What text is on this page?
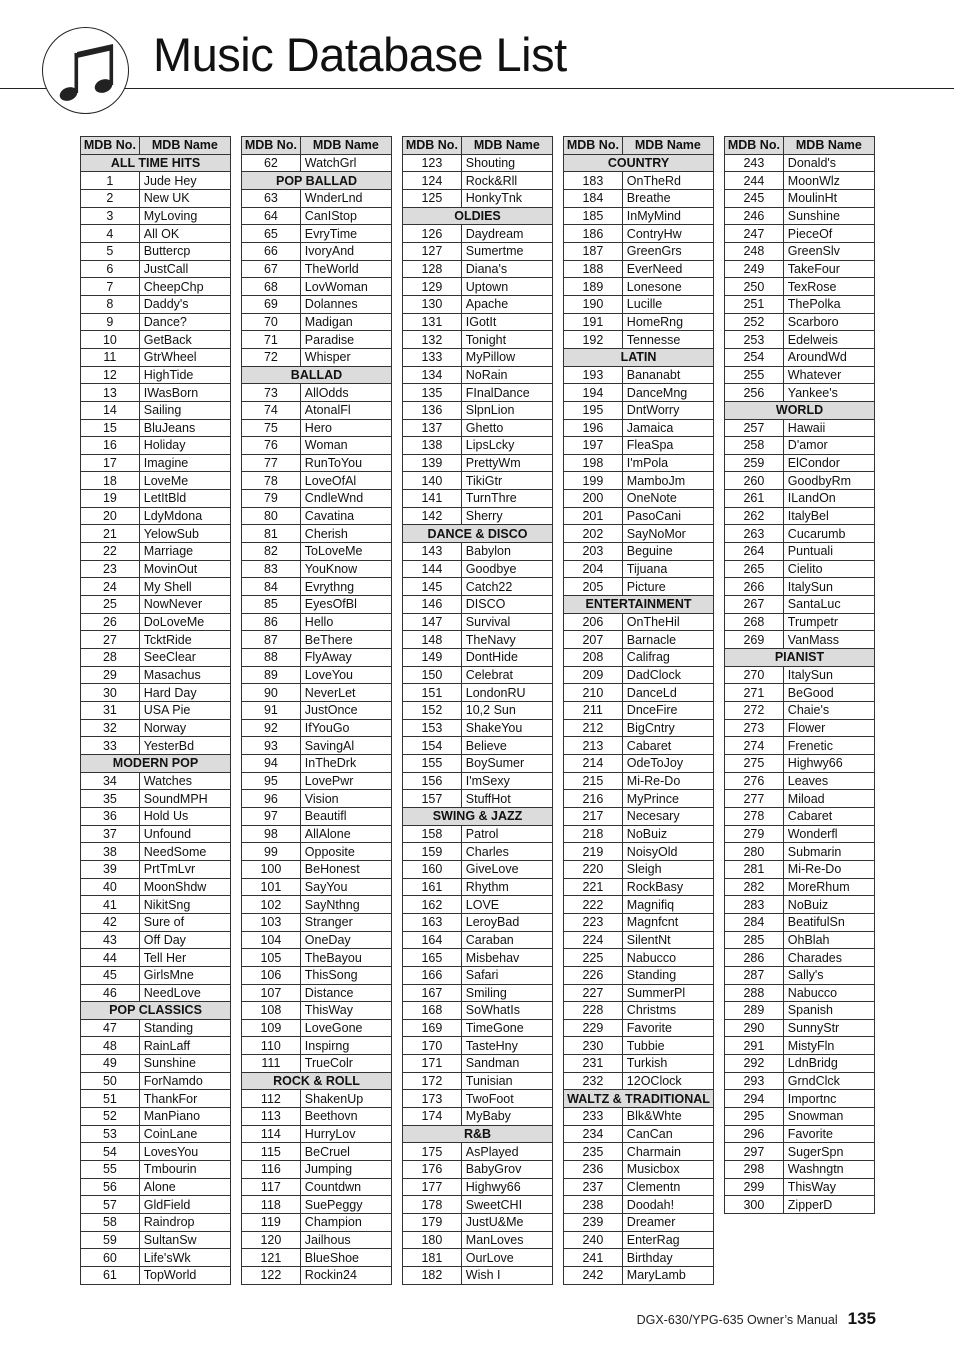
Music Database List
MDB No.	MDB Name
ALL TIME HITS	
1	Jude Hey
2	New UK
3	MyLoving
4	All OK
5	Buttercp
6	JustCall
7	CheepChp
8	Daddy's
9	Dance?
10	GetBack
11	GtrWheel
12	HighTide
13	IWasBorn
14	Sailing
15	BluJeans
16	Holiday
17	Imagine
18	LoveMe
19	LetItBld
20	LdyMdona
21	YelowSub
22	Marriage
23	MovinOut
24	My Shell
25	NowNever
26	DoLoveMe
27	TcktRide
28	SeeClear
29	Masachus
30	Hard Day
31	USA Pie
32	Norway
33	YesterBd
MODERN POP	
34	Watches
35	SoundMPH
36	Hold Us
37	Unfound
38	NeedSome
39	PrtTmLvr
40	MoonShdw
41	NikitSng
42	Sure of
43	Off Day
44	Tell Her
45	GirlsMne
46	NeedLove
POP CLASSICS	
47	Standing
48	RainLaff
49	Sunshine
50	ForNamdo
51	ThankFor
52	ManPiano
53	CoinLane
54	LovesYou
55	Tmbourin
56	Alone
57	GldField
58	Raindrop
59	SultanSw
60	Life'sWk
61	TopWorld
MDB No.	MDB Name
62	WatchGrl
POP BALLAD	
63	WnderLnd
64	CanIStop
65	EvryTime
66	IvoryAnd
67	TheWorld
68	LovWoman
69	Dolannes
70	Madigan
71	Paradise
72	Whisper
BALLAD	
73	AllOdds
74	AtonalFl
75	Hero
76	Woman
77	RunToYou
78	LoveOfAl
79	CndleWnd
80	Cavatina
81	Cherish
82	ToLoveMe
83	YouKnow
84	Evrythng
85	EyesOfBl
86	Hello
87	BeThere
88	FlyAway
89	LoveYou
90	NeverLet
91	JustOnce
92	IfYouGo
93	SavingAl
94	InTheDrk
95	LovePwr
96	Vision
97	Beautifl
98	AllAlone
99	Opposite
100	BeHonest
101	SayYou
102	SayNthng
103	Stranger
104	OneDay
105	TheBayou
106	ThisSong
107	Distance
108	ThisWay
109	LoveGone
110	Inspirng
111	TrueColr
ROCK & ROLL	
112	ShakenUp
113	Beethovn
114	HurryLov
115	BeCruel
116	Jumping
117	Countdwn
118	SuePeggy
119	Champion
120	Jailhous
121	BlueShoe
122	Rockin24
MDB No.	MDB Name
123	Shouting
124	Rock&Rll
125	HonkyTnk
OLDIES	
126	Daydream
127	Sumertme
128	Diana's
129	Uptown
130	Apache
131	IGotIt
132	Tonight
133	MyPillow
134	NoRain
135	FInalDance
136	SlpnLion
137	Ghetto
138	LipsLcky
139	PrettyWm
140	TikiGtr
141	TurnThre
142	Sherry
DANCE & DISCO	
143	Babylon
144	Goodbye
145	Catch22
146	DISCO
147	Survival
148	TheNavy
149	DontHide
150	Celebrat
151	LondonRU
152	10,2 Sun
153	ShakeYou
154	Believe
155	BoySumer
156	I'mSexy
157	StuffHot
SWING & JAZZ	
158	Patrol
159	Charles
160	GiveLove
161	Rhythm
162	LOVE
163	LeroyBad
164	Caraban
165	Misbehav
166	Safari
167	Smiling
168	SoWhatIs
169	TimeGone
170	TasteHny
171	Sandman
172	Tunisian
173	TwoFoot
174	MyBaby
R&B	
175	AsPlayed
176	BabyGrov
177	Highwy66
178	SweetCHI
179	JustU&Me
180	ManLoves
181	OurLove
182	Wish I
MDB No.	MDB Name
COUNTRY	
183	OnTheRd
184	Breathe
185	InMyMind
186	ContryHw
187	GreenGrs
188	EverNeed
189	Lonesone
190	Lucille
191	HomeRng
192	Tennesse
LATIN	
193	Bananabt
194	DanceMng
195	DntWorry
196	Jamaica
197	FleaSpa
198	I'mPola
199	MamboJm
200	OneNote
201	PasoCani
202	SayNoMor
203	Beguine
204	Tijuana
205	Picture
ENTERTAINMENT	
206	OnTheHil
207	Barnacle
208	Califrag
209	DadClock
210	DanceLd
211	DnceFire
212	BigCntry
213	Cabaret
214	OdeToJoy
215	Mi-Re-Do
216	MyPrince
217	Necesary
218	NoBuiz
219	NoisyOld
220	Sleigh
221	RockBasy
222	Magnifiq
223	Magnfcnt
224	SilentNt
225	Nabucco
226	Standing
227	SummerPl
228	Christms
229	Favorite
230	Tubbie
231	Turkish
232	12OClock
WALTZ & TRADITIONAL	
233	Blk&Whte
234	CanCan
235	Charmain
236	Musicbox
237	Clementn
238	Doodah!
239	Dreamer
240	EnterRag
241	Birthday
242	MaryLamb
MDB No.	MDB Name
243	Donald's
244	MoonWlz
245	MoulinHt
246	Sunshine
247	PieceOf
248	GreenSlv
249	TakeFour
250	TexRose
251	ThePolka
252	Scarboro
253	Edelweis
254	AroundWd
255	Whatever
256	Yankee's
WORLD	
257	Hawaii
258	D'amor
259	ElCondor
260	GoodbyRm
261	ILandOn
262	ItalyBel
263	Cucarumb
264	Puntuali
265	Cielito
266	ItalySun
267	SantaLuc
268	Trumpetr
269	VanMass
PIANIST	
270	ItalySun
271	BeGood
272	Chaie's
273	Flower
274	Frenetic
275	Highwy66
276	Leaves
277	Miload
278	Cabaret
279	Wonderfl
280	Submarin
281	Mi-Re-Do
282	MoreRhum
283	NoBuiz
284	BeatifulSn
285	OhBlah
286	Charades
287	Sally's
288	Nabucco
289	Spanish
290	SunnyStr
291	MistyFln
292	LdnBridg
293	GrndClck
294	Importnc
295	Snowman
296	Favorite
297	SugerSpn
298	Washngtn
299	ThisWay
300	ZipperD
DGX-630/YPG-635 Owner’s Manual 135
